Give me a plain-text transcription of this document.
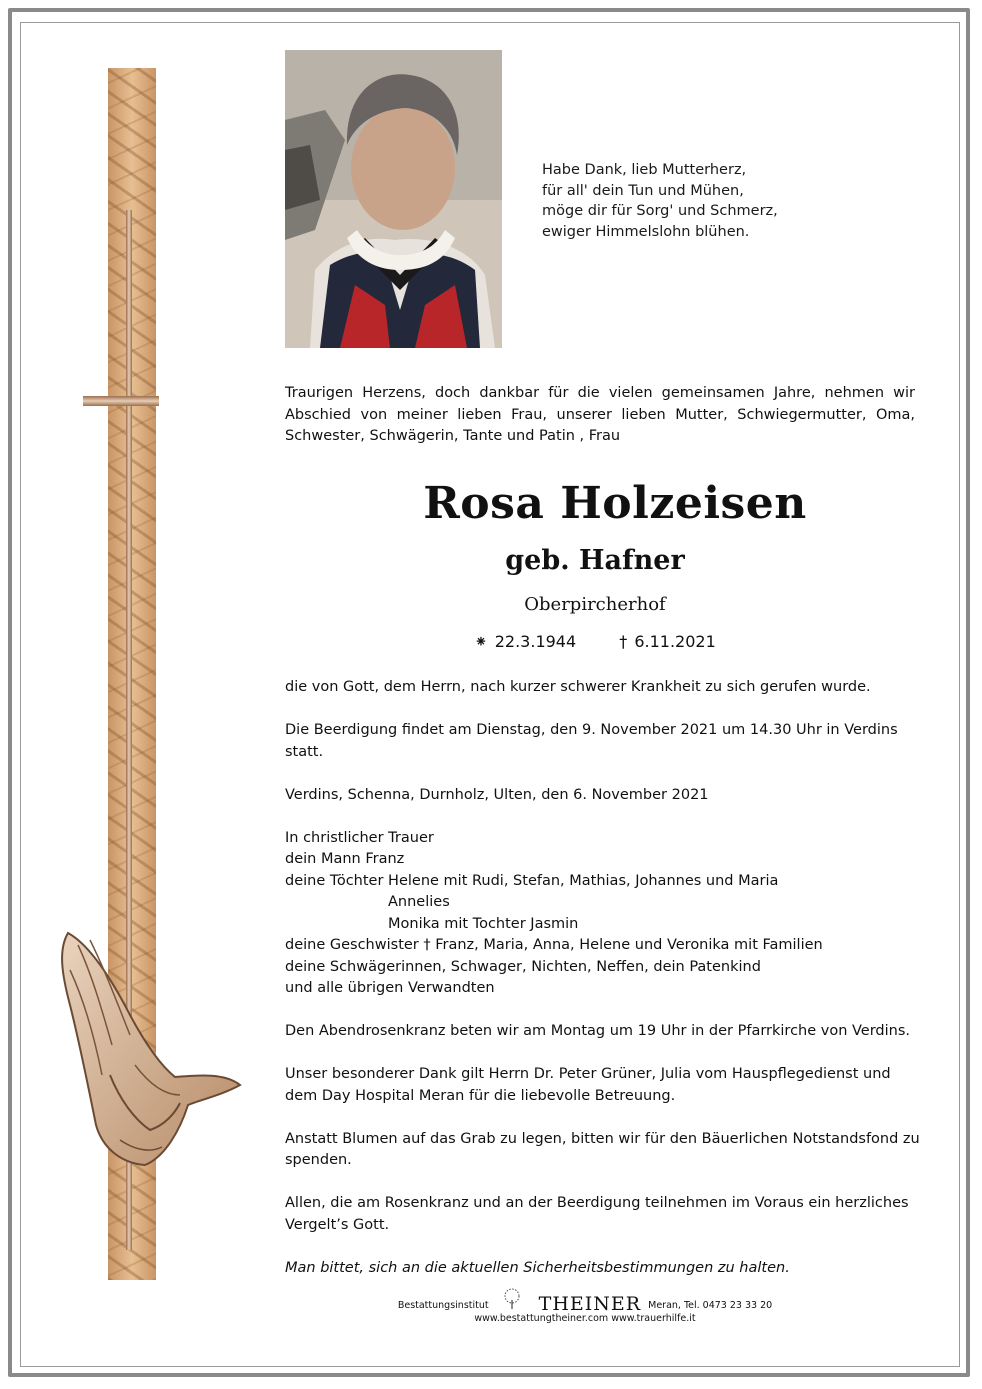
Habe Dank, lieb Mutterherz,
für all' dein Tun und Mühen,
möge dir für Sorg' und Schmerz,
ewiger Himmelslohn blühen.
Traurigen Herzens, doch dankbar für die vielen gemeinsamen Jahre, nehmen wir Abschied von meiner lieben Frau, unserer lieben Mutter, Schwiegermutter, Oma, Schwester, Schwägerin, Tante und Patin , Frau
Rosa Holzeisen
geb. Hafner
Oberpircherhof
⁕ 22.3.1944	† 6.11.2021

die von Gott, dem Herrn, nach kurzer schwerer Krankheit zu sich gerufen wurde.

Die Beerdigung findet am Dienstag, den 9. November 2021 um 14.30 Uhr in Verdins statt.

Verdins, Schenna, Durnholz, Ulten, den 6. November 2021

In christlicher Trauer

dein Mann Franz

deine Töchter Helene mit Rudi, Stefan, Mathias, Johannes und Maria

Annelies

Monika mit Tochter Jasmin

deine Geschwister † Franz, Maria, Anna, Helene und Veronika mit Familien

deine Schwägerinnen, Schwager, Nichten, Neffen, dein Patenkind

und alle übrigen Verwandten

Den Abendrosenkranz beten wir am Montag um 19 Uhr in der Pfarrkirche von Verdins.

Unser besonderer Dank gilt Herrn Dr. Peter Grüner, Julia vom Hauspflegedienst und dem Day Hospital Meran für die liebevolle Betreuung.

Anstatt Blumen auf das Grab zu legen, bitten wir für den Bäuerlichen Notstandsfond zu spenden.

Allen, die am Rosenkranz und an der Beerdigung teilnehmen im Voraus ein herzliches Vergelt’s Gott.

Man bittet, sich an die aktuellen Sicherheitsbestimmungen zu halten.

Bestattungsinstitut	THEINER Meran, Tel. 0473 23 33 20
www.bestattungtheiner.com www.trauerhilfe.it
